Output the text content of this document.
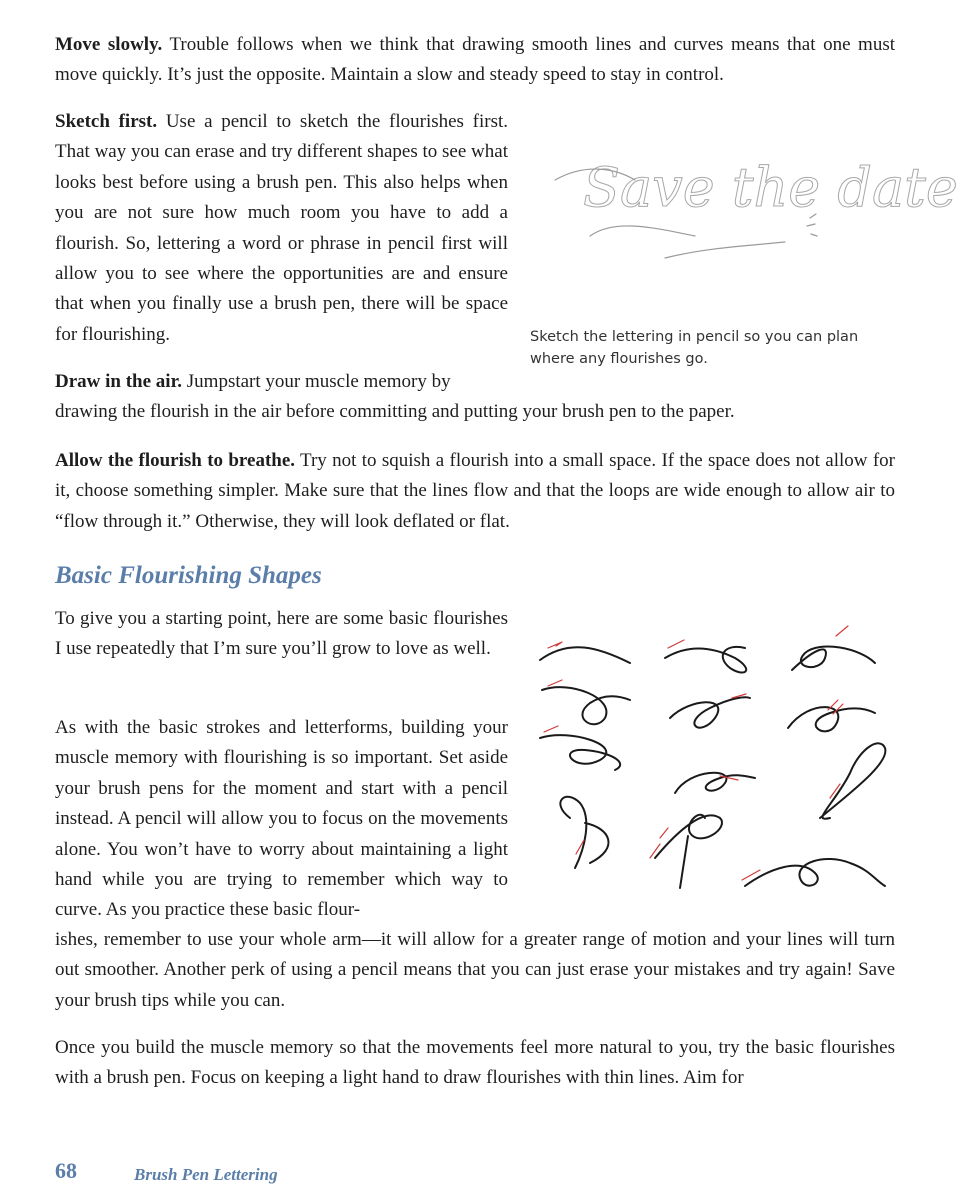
Move slowly. Trouble follows when we think that drawing smooth lines and curves means that one must move quickly. It’s just the opposite. Maintain a slow and steady speed to stay in control.

Sketch first. Use a pencil to sketch the flourishes first. That way you can erase and try different shapes to see what looks best before using a brush pen. This also helps when you are not sure how much room you have to add a flourish. So, lettering a word or phrase in pencil first will allow you to see where the opportunities are and ensure that when you finally use a brush pen, there will be space for flourishing.

Save the date
Sketch the lettering in pencil so you can plan where any flourishes go.

Draw in the air. Jumpstart your muscle memory by
drawing the flourish in the air before committing and putting your brush pen to the paper.

Allow the flourish to breathe. Try not to squish a flourish into a small space. If the space does not allow for it, choose something simpler. Make sure that the lines flow and that the loops are wide enough to allow air to “flow through it.” Otherwise, they will look deflated or flat.

Basic Flourishing Shapes

To give you a starting point, here are some basic flourishes I use repeatedly that I’m sure you’ll grow to love as well.

As with the basic strokes and letterforms, building your muscle memory with flourishing is so important. Set aside your brush pens for the moment and start with a pencil instead. A pencil will allow you to focus on the movements alone. You won’t have to worry about maintaining a light hand while you are trying to remember which way to curve. As you practice these basic flour-

ishes, remember to use your whole arm—it will allow for a greater range of motion and your lines will turn out smoother. Another perk of using a pencil means that you can just erase your mistakes and try again! Save your brush tips while you can.

Once you build the muscle memory so that the movements feel more natural to you, try the basic flourishes with a brush pen. Focus on keeping a light hand to draw flourishes with thin lines. Aim for

68	Brush Pen Lettering
